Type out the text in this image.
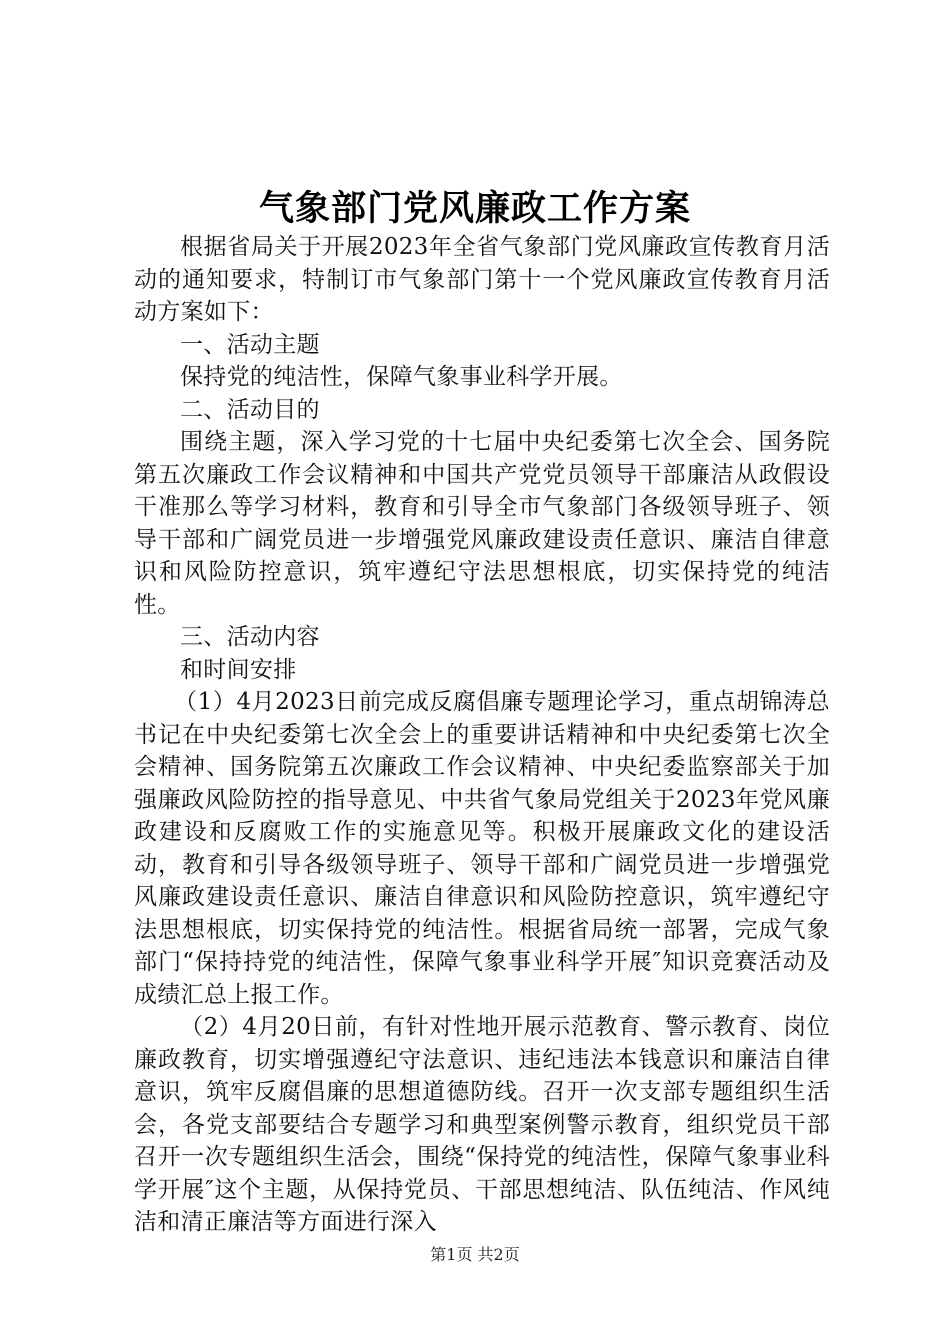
气象部门党风廉政工作方案

根据省局关于开展2023年全省气象部门党风廉政宣传教育月活动的通知要求，特制订市气象部门第十一个党风廉政宣传教育月活动方案如下：

一、活动主题

保持党的纯洁性，保障气象事业科学开展。

二、活动目的

围绕主题，深入学习党的十七届中央纪委第七次全会、国务院第五次廉政工作会议精神和中国共产党党员领导干部廉洁从政假设干准那么等学习材料，教育和引导全市气象部门各级领导班子、领导干部和广阔党员进一步增强党风廉政建设责任意识、廉洁自律意识和风险防控意识，筑牢遵纪守法思想根底，切实保持党的纯洁性。

三、活动内容

和时间安排

（1）4月2023日前完成反腐倡廉专题理论学习，重点胡锦涛总书记在中央纪委第七次全会上的重要讲话精神和中央纪委第七次全会精神、国务院第五次廉政工作会议精神、中央纪委监察部关于加强廉政风险防控的指导意见、中共省气象局党组关于2023年党风廉政建设和反腐败工作的实施意见等。积极开展廉政文化的建设活动，教育和引导各级领导班子、领导干部和广阔党员进一步增强党风廉政建设责任意识、廉洁自律意识和风险防控意识，筑牢遵纪守法思想根底，切实保持党的纯洁性。根据省局统一部署，完成气象部门“保持持党的纯洁性，保障气象事业科学开展″知识竞赛活动及成绩汇总上报工作。

（2）4月20日前，有针对性地开展示范教育、警示教育、岗位廉政教育，切实增强遵纪守法意识、违纪违法本钱意识和廉洁自律意识，筑牢反腐倡廉的思想道德防线。召开一次支部专题组织生活会，各党支部要结合专题学习和典型案例警示教育，组织党员干部召开一次专题组织生活会，围绕“保持党的纯洁性，保障气象事业科学开展″这个主题，从保持党员、干部思想纯洁、队伍纯洁、作风纯洁和清正廉洁等方面进行深入

第1页 共2页
